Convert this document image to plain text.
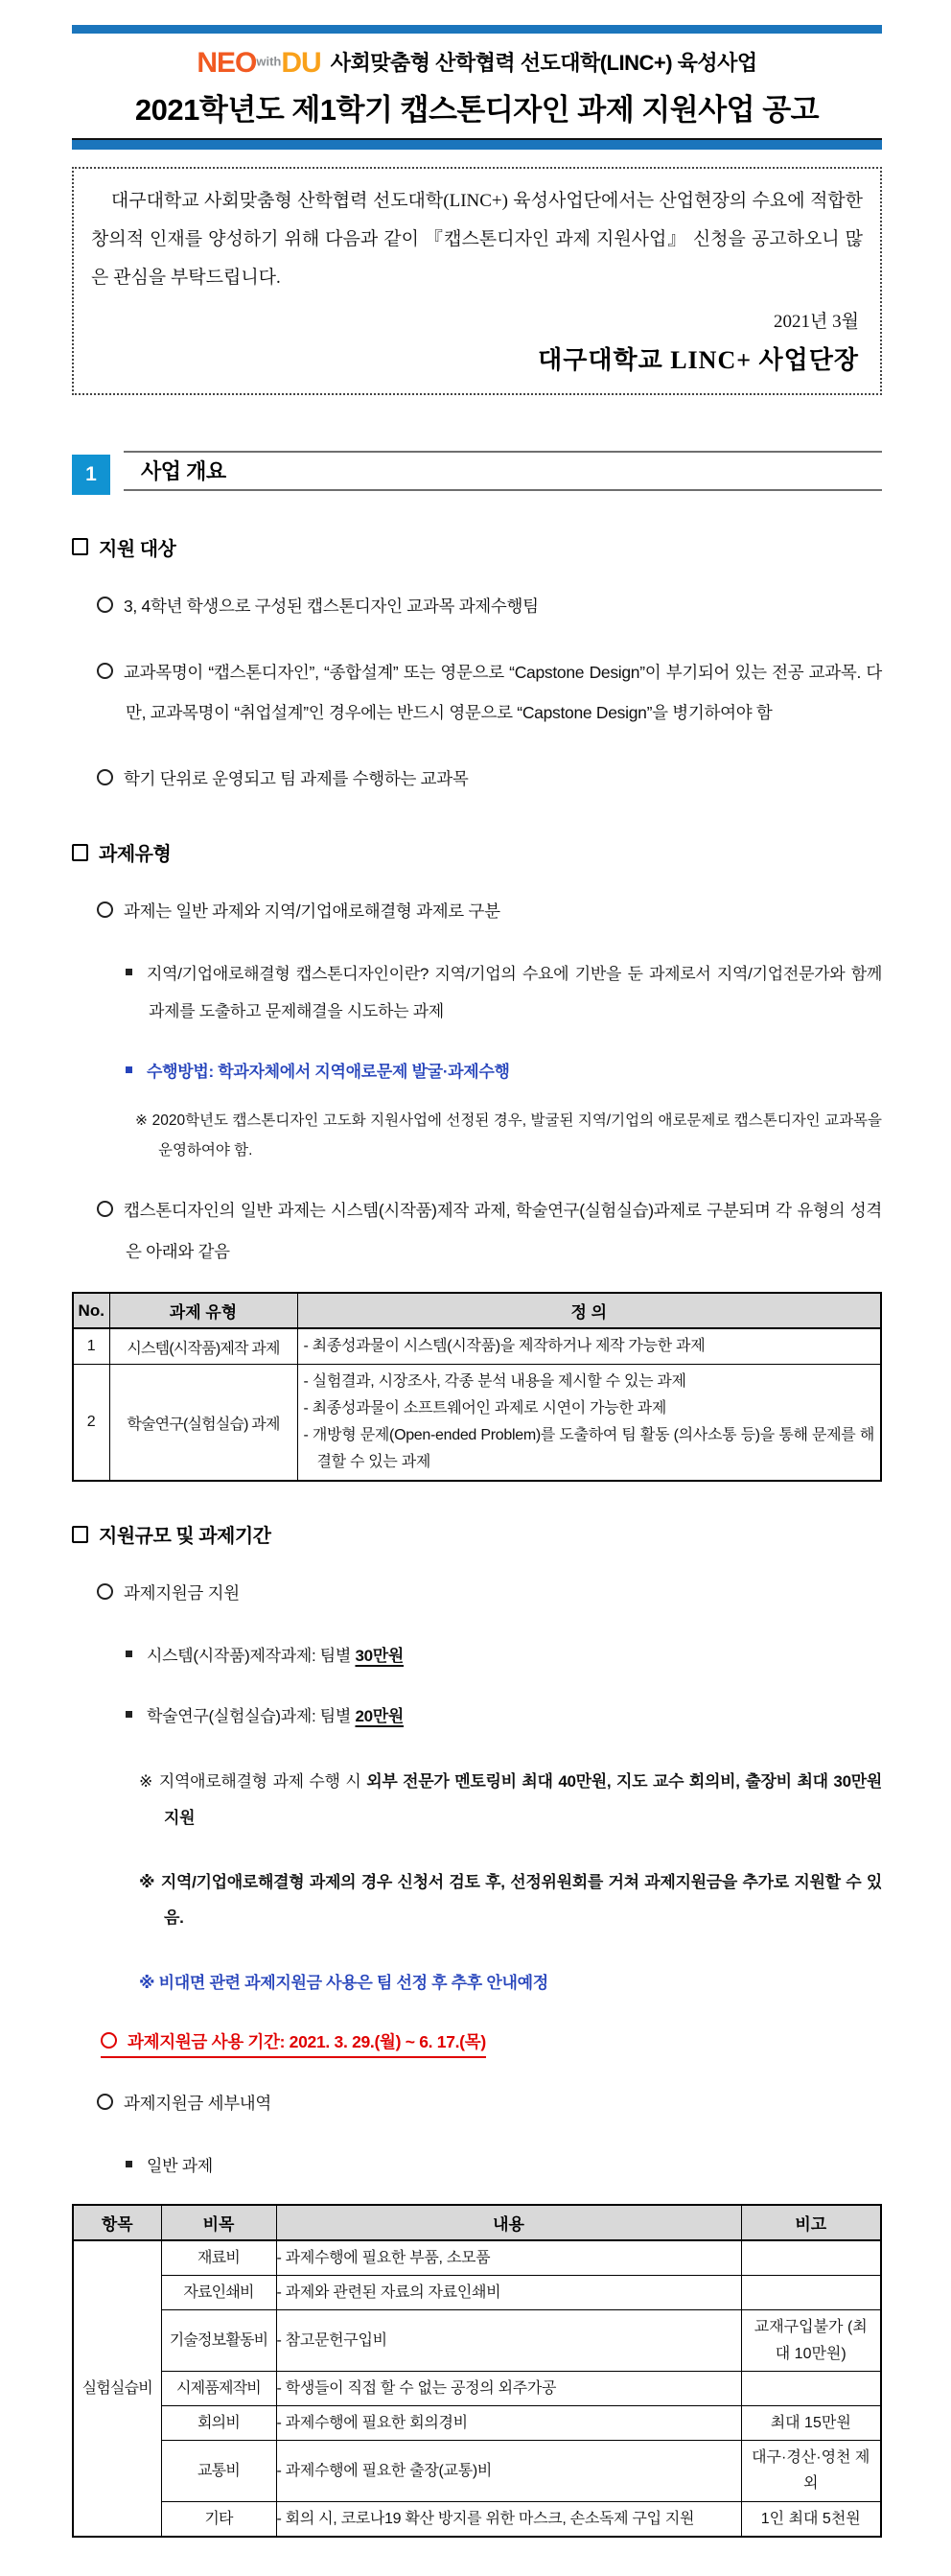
$NEO^{with}DU$ 사회맞춤형 산학협력 선도대학(LINC+) 육성사업
2021학년도 제1학기 캡스톤디자인 과제 지원사업 공고

대구대학교 사회맞춤형 산학협력 선도대학(LINC+) 육성사업단에서는 산업현장의 수요에 적합한 창의적 인재를 양성하기 위해 다음과 같이 『캡스톤디자인 과제 지원사업』 신청을 공고하오니 많은 관심을 부탁드립니다.

2021년 3월

대구대학교 LINC+ 사업단장

1	사업 개요
지원 대상
3, 4학년 학생으로 구성된 캡스톤디자인 교과목 과제수행팀
교과목명이 “캡스톤디자인”, “종합설계” 또는 영문으로 “Capstone Design”이 부기되어 있는 전공 교과목. 다만, 교과목명이 “취업설계”인 경우에는 반드시 영문으로 “Capstone Design”을 병기하여야 함
학기 단위로 운영되고 팀 과제를 수행하는 교과목
과제유형
과제는 일반 과제와 지역/기업애로해결형 과제로 구분
지역/기업애로해결형 캡스톤디자인이란? 지역/기업의 수요에 기반을 둔 과제로서 지역/기업전문가와 함께 과제를 도출하고 문제해결을 시도하는 과제
수행방법: 학과자체에서 지역애로문제 발굴·과제수행
※ 2020학년도 캡스톤디자인 고도화 지원사업에 선정된 경우, 발굴된 지역/기업의 애로문제로 캡스톤디자인 교과목을 운영하여야 함.
캡스톤디자인의 일반 과제는 시스템(시작품)제작 과제, 학술연구(실험실습)과제로 구분되며 각 유형의 성격은 아래와 같음
No.	과제 유형	정 의
1	시스템(시작품)제작 과제	- 최종성과물이 시스템(시작품)을 제작하거나 제작 가능한 과제

2	학술연구(실험실습) 과제	- 실험결과, 시장조사, 각종 분석 내용을 제시할 수 있는 과제
- 최종성과물이 소프트웨어인 과제로 시연이 가능한 과제
- 개방형 문제(Open-ended Problem)를 도출하여 팀 활동 (의사소통 등)을 통해 문제를 해결할 수 있는 과제
지원규모 및 과제기간
과제지원금 지원
시스템(시작품)제작과제: 팀별 30만원
학술연구(실험실습)과제: 팀별 20만원
※ 지역애로해결형 과제 수행 시 외부 전문가 멘토링비 최대 40만원, 지도 교수 회의비, 출장비 최대 30만원 지원
※ 지역/기업애로해결형 과제의 경우 신청서 검토 후, 선정위원회를 거쳐 과제지원금을 추가로 지원할 수 있음.
※ 비대면 관련 과제지원금 사용은 팀 선정 후 추후 안내예정
과제지원금 사용 기간: 2021. 3. 29.(월) ~ 6. 17.(목)
과제지원금 세부내역
일반 과제
항목	비목	내용	비고
실험실습비	재료비	- 과제수행에 필요한 부품, 소모품	
	자료인쇄비	- 과제와 관련된 자료의 자료인쇄비	
	기술정보활동비	- 참고문헌구입비	교재구입불가 (최대 10만원)
	시제품제작비	- 학생들이 직접 할 수 없는 공정의 외주가공	
	회의비	- 과제수행에 필요한 회의경비	최대 15만원
	교통비	- 과제수행에 필요한 출장(교통)비	대구·경산·영천 제외
	기타	- 회의 시, 코로나19 확산 방지를 위한 마스크, 손소독제 구입 지원	1인 최대 5천원
